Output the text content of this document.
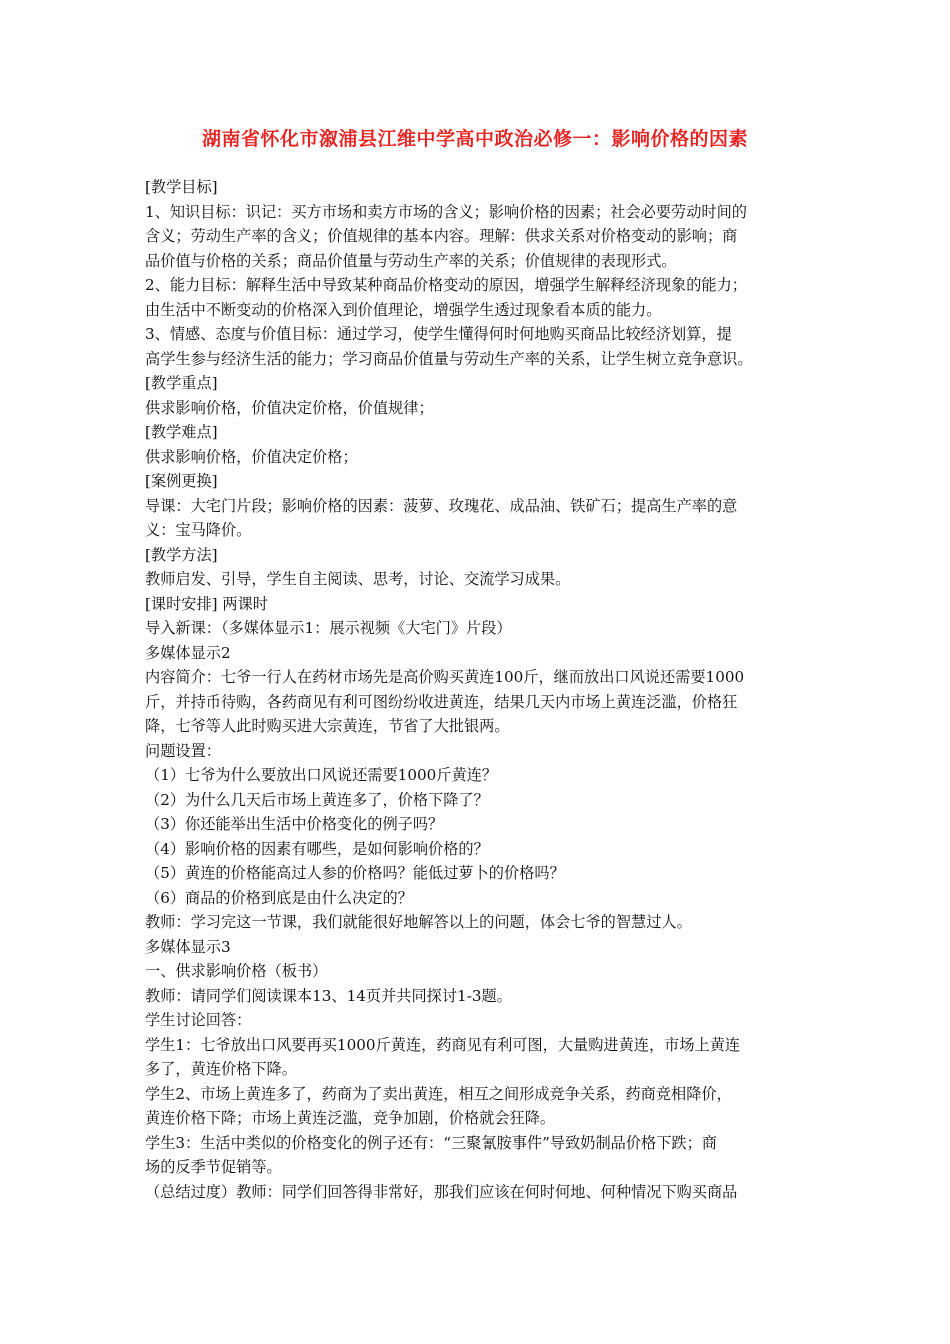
湖南省怀化市溆浦县江维中学高中政治必修一：影响价格的因素
[教学目标]
1、知识目标：识记：买方市场和卖方市场的含义；影响价格的因素；社会必要劳动时间的
含义；劳动生产率的含义；价值规律的基本内容。理解：供求关系对价格变动的影响；商
品价值与价格的关系；商品价值量与劳动生产率的关系；价值规律的表现形式。
2、能力目标：解释生活中导致某种商品价格变动的原因，增强学生解释经济现象的能力；
由生活中不断变动的价格深入到价值理论，增强学生透过现象看本质的能力。
3、情感、态度与价值目标：通过学习，使学生懂得何时何地购买商品比较经济划算，提
高学生参与经济生活的能力；学习商品价值量与劳动生产率的关系，让学生树立竞争意识。
[教学重点]
供求影响价格，价值决定价格，价值规律；
[教学难点]
供求影响价格，价值决定价格；
[案例更换]
导课：大宅门片段；影响价格的因素：菠萝、玫瑰花、成品油、铁矿石；提高生产率的意
义：宝马降价。
[教学方法]
教师启发、引导，学生自主阅读、思考，讨论、交流学习成果。
[课时安排] 两课时
导入新课：（多媒体显示1：展示视频《大宅门》片段）
多媒体显示2
内容简介：七爷一行人在药材市场先是高价购买黄连100斤，继而放出口风说还需要1000
斤，并持币待购，各药商见有利可图纷纷收进黄连，结果几天内市场上黄连泛滥，价格狂
降，七爷等人此时购买进大宗黄连，节省了大批银两。
问题设置：
（1）七爷为什么要放出口风说还需要1000斤黄连？
（2）为什么几天后市场上黄连多了，价格下降了？
（3）你还能举出生活中价格变化的例子吗？
（4）影响价格的因素有哪些，是如何影响价格的？
（5）黄连的价格能高过人参的价格吗？能低过萝卜的价格吗？
（6）商品的价格到底是由什么决定的？
教师：学习完这一节课，我们就能很好地解答以上的问题，体会七爷的智慧过人。
多媒体显示3
一、供求影响价格（板书）
教师：请同学们阅读课本13、14页并共同探讨1-3题。
学生讨论回答：
学生1：七爷放出口风要再买1000斤黄连，药商见有利可图，大量购进黄连，市场上黄连
多了，黄连价格下降。
学生2、市场上黄连多了，药商为了卖出黄连，相互之间形成竞争关系，药商竞相降价，
黄连价格下降；市场上黄连泛滥，竞争加剧，价格就会狂降。
学生3：生活中类似的价格变化的例子还有：“三聚氰胺事件”导致奶制品价格下跌；商
场的反季节促销等。
（总结过度）教师：同学们回答得非常好，那我们应该在何时何地、何种情况下购买商品
